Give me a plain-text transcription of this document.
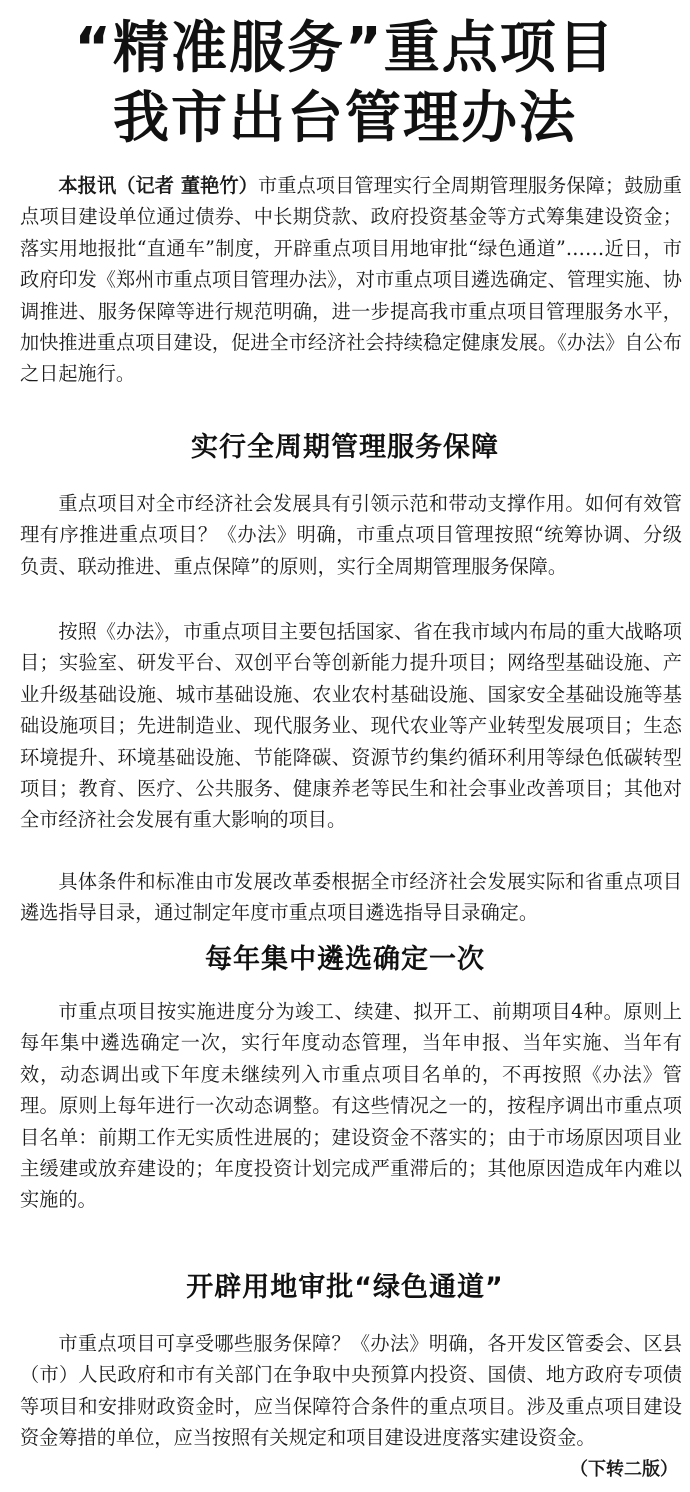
“精准服务”重点项目
我市出台管理办法
本报讯（记者 董艳竹）市重点项目管理实行全周期管理服务保障；鼓励重点项目建设单位通过债券、中长期贷款、政府投资基金等方式筹集建设资金；落实用地报批“直通车”制度，开辟重点项目用地审批“绿色通道”……近日，市政府印发《郑州市重点项目管理办法》，对市重点项目遴选确定、管理实施、协调推进、服务保障等进行规范明确，进一步提高我市重点项目管理服务水平，加快推进重点项目建设，促进全市经济社会持续稳定健康发展。《办法》自公布之日起施行。
实行全周期管理服务保障
重点项目对全市经济社会发展具有引领示范和带动支撑作用。如何有效管理有序推进重点项目？《办法》明确，市重点项目管理按照“统筹协调、分级负责、联动推进、重点保障”的原则，实行全周期管理服务保障。
按照《办法》，市重点项目主要包括国家、省在我市域内布局的重大战略项目；实验室、研发平台、双创平台等创新能力提升项目；网络型基础设施、产业升级基础设施、城市基础设施、农业农村基础设施、国家安全基础设施等基础设施项目；先进制造业、现代服务业、现代农业等产业转型发展项目；生态环境提升、环境基础设施、节能降碳、资源节约集约循环利用等绿色低碳转型项目；教育、医疗、公共服务、健康养老等民生和社会事业改善项目；其他对全市经济社会发展有重大影响的项目。
具体条件和标准由市发展改革委根据全市经济社会发展实际和省重点项目遴选指导目录，通过制定年度市重点项目遴选指导目录确定。
每年集中遴选确定一次
市重点项目按实施进度分为竣工、续建、拟开工、前期项目4种。原则上每年集中遴选确定一次，实行年度动态管理，当年申报、当年实施、当年有效，动态调出或下年度未继续列入市重点项目名单的，不再按照《办法》管理。原则上每年进行一次动态调整。有这些情况之一的，按程序调出市重点项目名单：前期工作无实质性进展的；建设资金不落实的；由于市场原因项目业主缓建或放弃建设的；年度投资计划完成严重滞后的；其他原因造成年内难以实施的。
开辟用地审批“绿色通道”
市重点项目可享受哪些服务保障？《办法》明确，各开发区管委会、区县（市）人民政府和市有关部门在争取中央预算内投资、国债、地方政府专项债等项目和安排财政资金时，应当保障符合条件的重点项目。涉及重点项目建设资金筹措的单位，应当按照有关规定和项目建设进度落实建设资金。
（下转二版）
